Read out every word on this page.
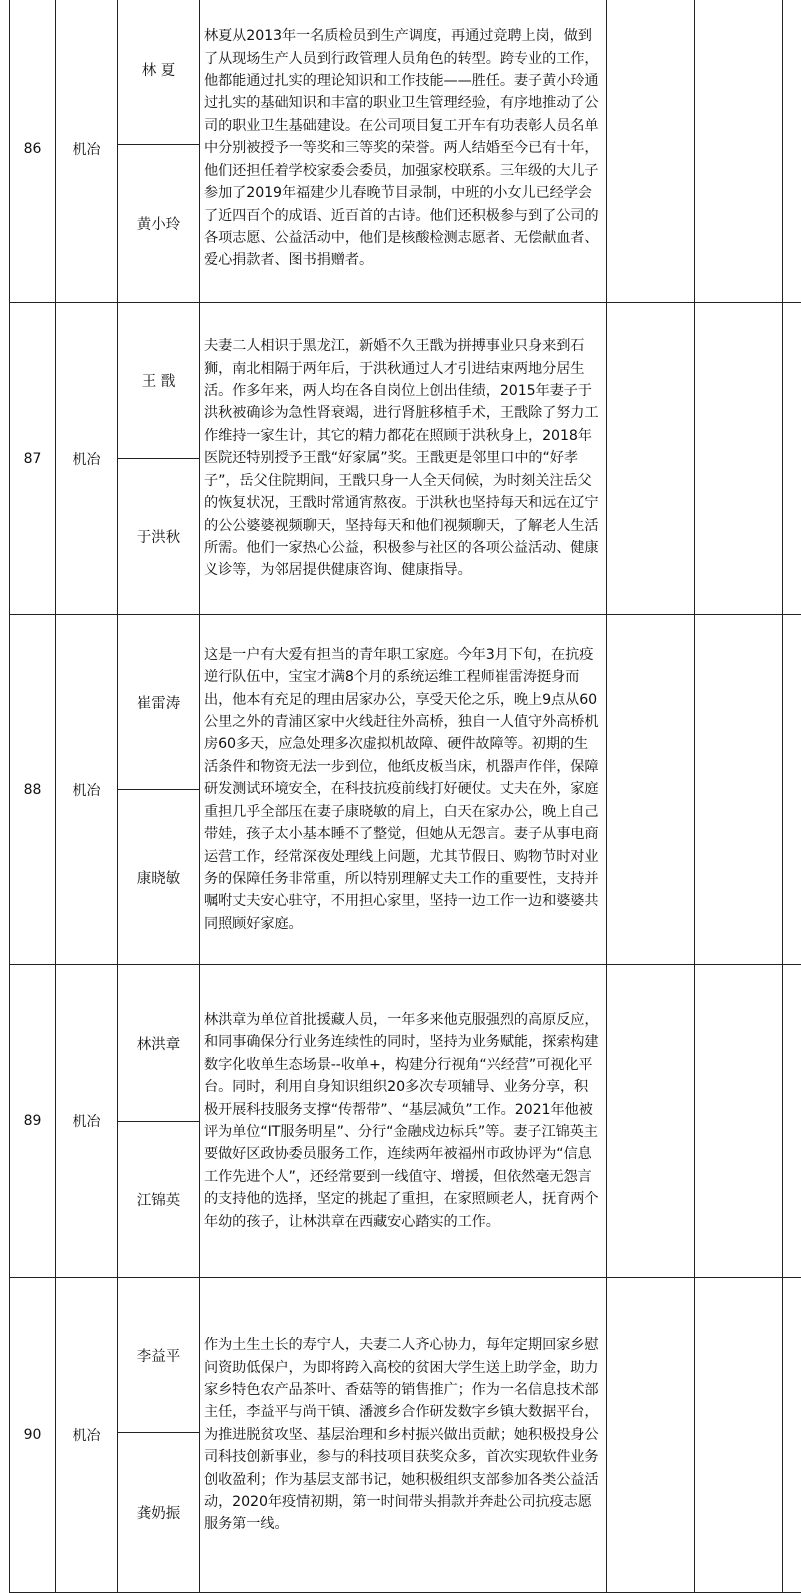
86	机冶	林 夏	林夏从2013年一名质检员到生产调度，再通过竞聘上岗，做到了从现场生产人员到行政管理人员角色的转型。跨专业的工作，他都能通过扎实的理论知识和工作技能——胜任。妻子黄小玲通过扎实的基础知识和丰富的职业卫生管理经验，有序地推动了公司的职业卫生基础建设。在公司项目复工开车有功表彰人员名单中分别被授予一等奖和三等奖的荣誉。两人结婚至今已有十年，他们还担任着学校家委会委员，加强家校联系。三年级的大儿子参加了2019年福建少儿春晚节目录制，中班的小女儿已经学会了近四百个的成语、近百首的古诗。他们还积极参与到了公司的各项志愿、公益活动中，他们是核酸检测志愿者、无偿献血者、爱心捐款者、图书捐赠者。			

		黄小玲				
87	机冶	王 戬	夫妻二人相识于黑龙江，新婚不久王戬为拼搏事业只身来到石狮，南北相隔于两年后，于洪秋通过人才引进结束两地分居生活。作多年来，两人均在各自岗位上创出佳绩，2015年妻子于洪秋被确诊为急性肾衰竭，进行肾脏移植手术，王戬除了努力工作维持一家生计，其它的精力都花在照顾于洪秋身上，2018年医院还特别授予王戬“好家属”奖。王戬更是邻里口中的“好孝子”，岳父住院期间，王戬只身一人全天伺候，为时刻关注岳父的恢复状况，王戬时常通宵熬夜。于洪秋也坚持每天和远在辽宁的公公婆婆视频聊天，坚持每天和他们视频聊天，了解老人生活所需。他们一家热心公益，积极参与社区的各项公益活动、健康义诊等，为邻居提供健康咨询、健康指导。			

		于洪秋				
88	机冶	崔雷涛	这是一户有大爱有担当的青年职工家庭。今年3月下旬，在抗疫逆行队伍中，宝宝才满8个月的系统运维工程师崔雷涛挺身而出，他本有充足的理由居家办公，享受天伦之乐，晚上9点从60公里之外的青浦区家中火线赶往外高桥，独自一人值守外高桥机房60多天，应急处理多次虚拟机故障、硬件故障等。初期的生活条件和物资无法一步到位，他纸皮板当床，机器声作伴，保障研发测试环境安全，在科技抗疫前线打好硬仗。丈夫在外，家庭重担几乎全部压在妻子康晓敏的肩上，白天在家办公，晚上自己带娃，孩子太小基本睡不了整觉，但她从无怨言。妻子从事电商运营工作，经常深夜处理线上问题，尤其节假日、购物节时对业务的保障任务非常重，所以特别理解丈夫工作的重要性，支持并嘱咐丈夫安心驻守，不用担心家里，坚持一边工作一边和婆婆共同照顾好家庭。			

		康晓敏				
89	机冶	林洪章	林洪章为单位首批援藏人员，一年多来他克服强烈的高原反应，和同事确保分行业务连续性的同时，坚持为业务赋能，探索构建数字化收单生态场景--收单+，构建分行视角“兴经营”可视化平台。同时，利用自身知识组织20多次专项辅导、业务分享，积极开展科技服务支撑“传帮带”、“基层减负”工作。2021年他被评为单位“IT服务明星”、分行“金融戍边标兵”等。妻子江锦英主要做好区政协委员服务工作，连续两年被福州市政协评为“信息工作先进个人”，还经常要到一线值守、增援，但依然毫无怨言的支持他的选择，坚定的挑起了重担，在家照顾老人，抚育两个年幼的孩子，让林洪章在西藏安心踏实的工作。			

		江锦英				
90	机冶	李益平	作为土生土长的寿宁人，夫妻二人齐心协力，每年定期回家乡慰问资助低保户，为即将跨入高校的贫困大学生送上助学金，助力家乡特色农产品茶叶、香菇等的销售推广；作为一名信息技术部主任，李益平与尚干镇、潘渡乡合作研发数字乡镇大数据平台，为推进脱贫攻坚、基层治理和乡村振兴做出贡献；她积极投身公司科技创新事业，参与的科技项目获奖众多，首次实现软件业务创收盈利；作为基层支部书记，她积极组织支部参加各类公益活动，2020年疫情初期，第一时间带头捐款并奔赴公司抗疫志愿服务第一线。			

		龚奶振				
